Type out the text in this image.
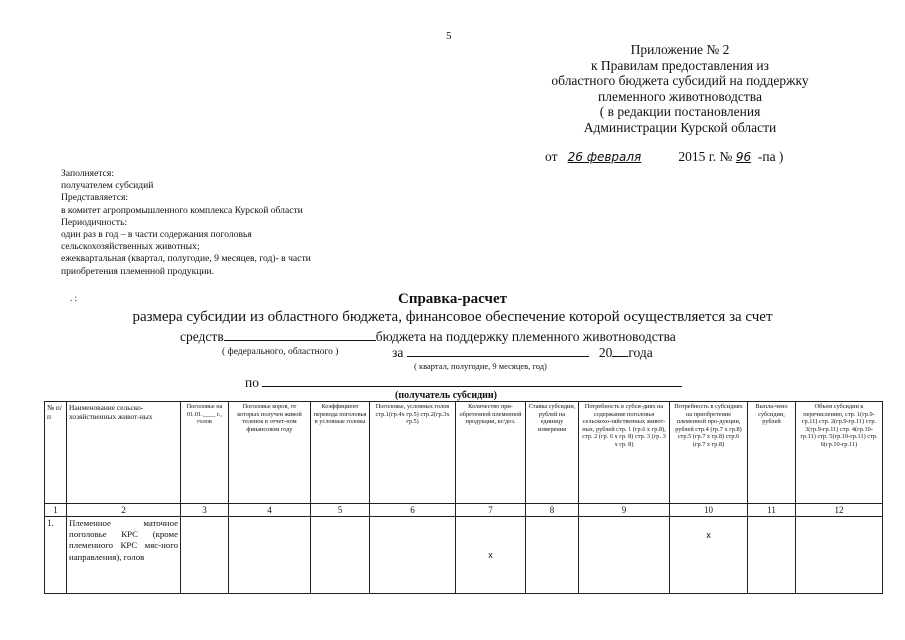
5
Приложение № 2
к Правилам предоставления из
областного бюджета субсидий на поддержку
племенного животноводства
( в редакции постановления
Администрации Курской области
от 26 февраля	2015 г. № 96 -па )
Заполняется:
получателем субсидий
Представляется:
в комитет агропромышленного комплекса Курской области
Периодичность:
один раз в год – в части содержания поголовья
сельскохозяйственных животных;
ежеквартальная (квартал, полугодие, 9 месяцев, год)- в части
приобретения племенной продукции.
. :	Справка-расчет
размера субсидии из областного бюджета, финансовое обеспечение которой осуществляется за счет
средств	бюджета на поддержку племенного животноводства
( федерального, областного )	за	20 года
( квартал, полугодие, 9 месяцев, год)
по
(получатель субсидии)
№ п/п	Наименование сельско-хозяйственных живот-ных	Поголовье на 01.01.____ г., голов	Поголовье коров, от которых получен живой теленок в отчет-ном финансовом году	Коэффициент перевода поголовья в условные головы	Поголовье, условных голов стр.1(гр.4х гр.5) стр.2(гр.3х гр.5)	Количество при-обретенной племенной продукции, кг/доз.	Ставка субсидии, рублей на единицу измерения	Потребность в субси-диях на содержание поголовья сельскохо-зяйственных живот-ных, рублей стр. 1 (гр.6 х гр.8), стр. 2 (гр. 6 х гр. 8) стр. 3 (гр. 3 х гр. 8)	Потребность в субсидиях на приобретение племенной про-дукции, рублей стр.4 (гр.7 х гр.8) стр.5 (гр.7 х гр.8) стр.6 (гр.7 х гр.8)	Выпла-чено субсидии, рублей	Объем субсидии к перечислению, стр. 1(гр.9-гр.11) стр. 2(гр.9-гр.11) стр. 3(гр.9-гр.11) стр. 4(гр.10-гр.11) стр. 5(гр.10-гр.11) стр. 6(гр.10-гр.11)
1	2	3	4	5	6	7	8	9	10	11	12
1.	Племенное маточное поголовье КРС (кроме племенного КРС мяс-ного направления), голов					х			х		
